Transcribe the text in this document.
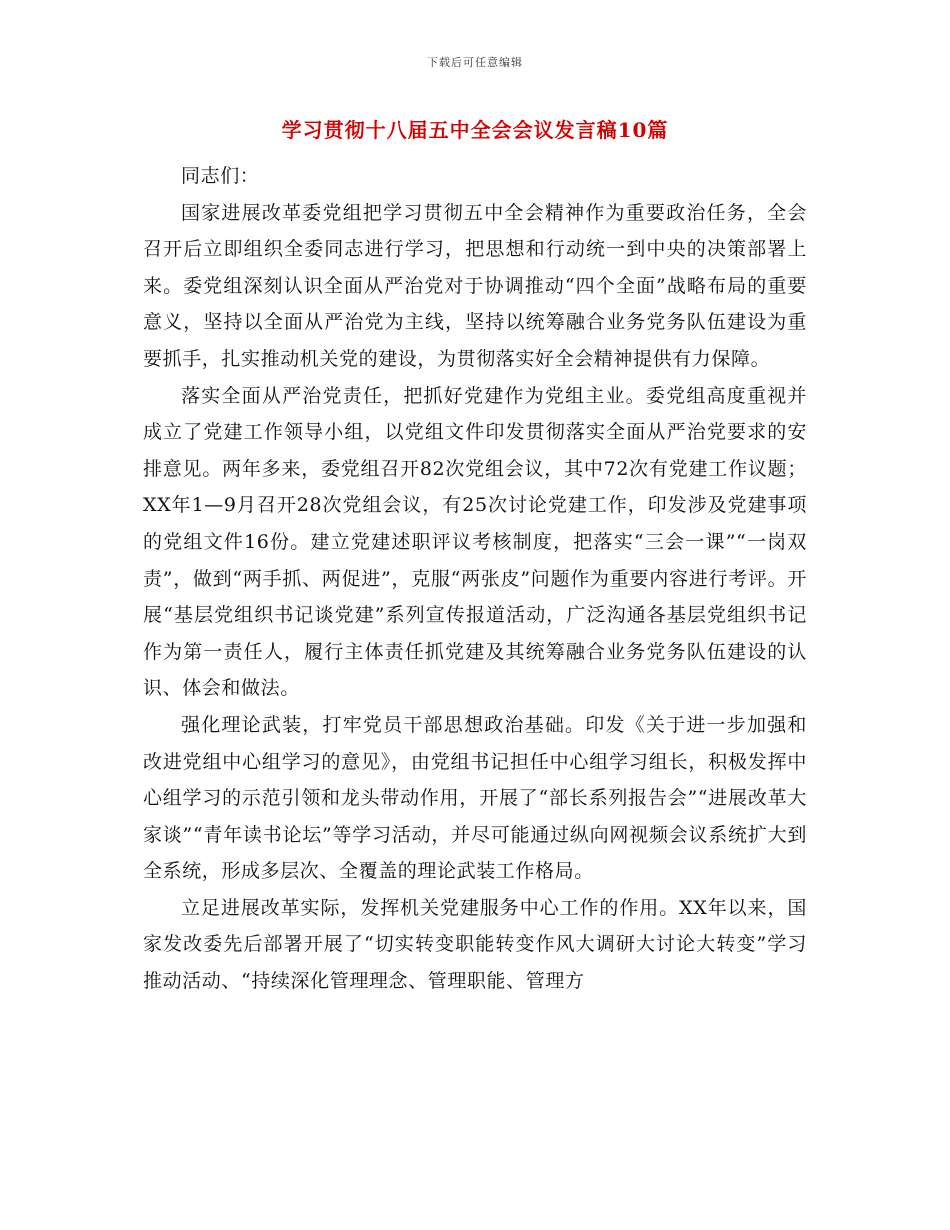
下载后可任意编辑
学习贯彻十八届五中全会会议发言稿10篇

同志们：

国家进展改革委党组把学习贯彻五中全会精神作为重要政治任务，全会召开后立即组织全委同志进行学习，把思想和行动统一到中央的决策部署上来。委党组深刻认识全面从严治党对于协调推动“四个全面”战略布局的重要意义，坚持以全面从严治党为主线，坚持以统筹融合业务党务队伍建设为重要抓手，扎实推动机关党的建设，为贯彻落实好全会精神提供有力保障。

落实全面从严治党责任，把抓好党建作为党组主业。委党组高度重视并成立了党建工作领导小组，以党组文件印发贯彻落实全面从严治党要求的安排意见。两年多来，委党组召开82次党组会议，其中72次有党建工作议题；XX年1—9月召开28次党组会议，有25次讨论党建工作，印发涉及党建事项的党组文件16份。建立党建述职评议考核制度，把落实“三会一课”“一岗双责”，做到“两手抓、两促进”，克服“两张皮”问题作为重要内容进行考评。开展“基层党组织书记谈党建”系列宣传报道活动，广泛沟通各基层党组织书记作为第一责任人，履行主体责任抓党建及其统筹融合业务党务队伍建设的认识、体会和做法。

强化理论武装，打牢党员干部思想政治基础。印发《关于进一步加强和改进党组中心组学习的意见》，由党组书记担任中心组学习组长，积极发挥中心组学习的示范引领和龙头带动作用，开展了“部长系列报告会”“进展改革大家谈”“青年读书论坛”等学习活动，并尽可能通过纵向网视频会议系统扩大到全系统，形成多层次、全覆盖的理论武装工作格局。

立足进展改革实际，发挥机关党建服务中心工作的作用。XX年以来，国家发改委先后部署开展了“切实转变职能转变作风大调研大讨论大转变”学习推动活动、“持续深化管理理念、管理职能、管理方
